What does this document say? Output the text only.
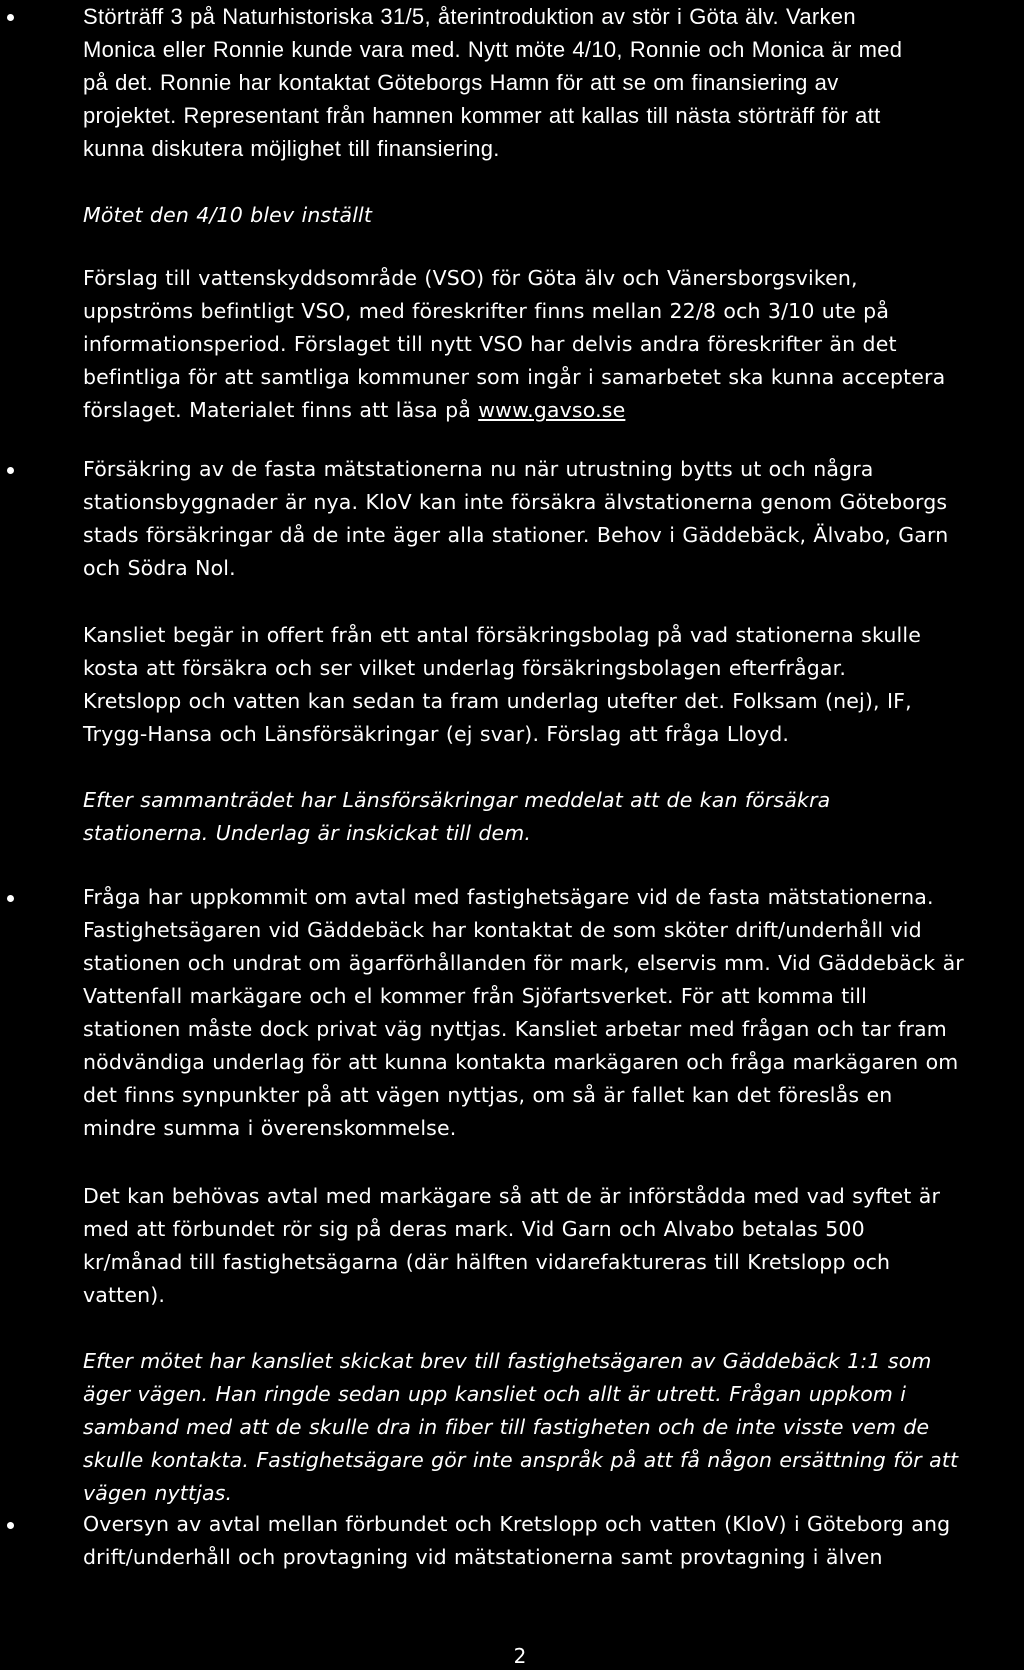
Störträff 3 på Naturhistoriska 31/5, återintroduktion av stör i Göta älv. Varken
Monica eller Ronnie kunde vara med. Nytt möte 4/10, Ronnie och Monica är med
på det. Ronnie har kontaktat Göteborgs Hamn för att se om finansiering av
projektet. Representant från hamnen kommer att kallas till nästa störträff för att
kunna diskutera möjlighet till finansiering.

Mötet den 4/10 blev inställt

Förslag till vattenskyddsområde (VSO) för Göta älv och Vänersborgsviken,
uppströms befintligt VSO, med föreskrifter finns mellan 22/8 och 3/10 ute på
informationsperiod. Förslaget till nytt VSO har delvis andra föreskrifter än det
befintliga för att samtliga kommuner som ingår i samarbetet ska kunna acceptera
förslaget. Materialet finns att läsa på www.gavso.se

Försäkring av de fasta mätstationerna nu när utrustning bytts ut och några
stationsbyggnader är nya. KloV kan inte försäkra älvstationerna genom Göteborgs
stads försäkringar då de inte äger alla stationer. Behov i Gäddebäck, Älvabo, Garn
och Södra Nol.

Kansliet begär in offert från ett antal försäkringsbolag på vad stationerna skulle
kosta att försäkra och ser vilket underlag försäkringsbolagen efterfrågar.
Kretslopp och vatten kan sedan ta fram underlag utefter det. Folksam (nej), IF,
Trygg-Hansa och Länsförsäkringar (ej svar). Förslag att fråga Lloyd.

Efter sammanträdet har Länsförsäkringar meddelat att de kan försäkra
stationerna. Underlag är inskickat till dem.

Fråga har uppkommit om avtal med fastighetsägare vid de fasta mätstationerna.
Fastighetsägaren vid Gäddebäck har kontaktat de som sköter drift/underhåll vid
stationen och undrat om ägarförhållanden för mark, elservis mm. Vid Gäddebäck är
Vattenfall markägare och el kommer från Sjöfartsverket. För att komma till
stationen måste dock privat väg nyttjas. Kansliet arbetar med frågan och tar fram
nödvändiga underlag för att kunna kontakta markägaren och fråga markägaren om
det finns synpunkter på att vägen nyttjas, om så är fallet kan det föreslås en
mindre summa i överenskommelse.

Det kan behövas avtal med markägare så att de är införstådda med vad syftet är
med att förbundet rör sig på deras mark. Vid Garn och Alvabo betalas 500
kr/månad till fastighetsägarna (där hälften vidarefaktureras till Kretslopp och
vatten).

Efter mötet har kansliet skickat brev till fastighetsägaren av Gäddebäck 1:1 som
äger vägen. Han ringde sedan upp kansliet och allt är utrett. Frågan uppkom i
samband med att de skulle dra in fiber till fastigheten och de inte visste vem de
skulle kontakta. Fastighetsägare gör inte anspråk på att få någon ersättning för att
vägen nyttjas.

Oversyn av avtal mellan förbundet och Kretslopp och vatten (KloV) i Göteborg ang
drift/underhåll och provtagning vid mätstationerna samt provtagning i älven

2
